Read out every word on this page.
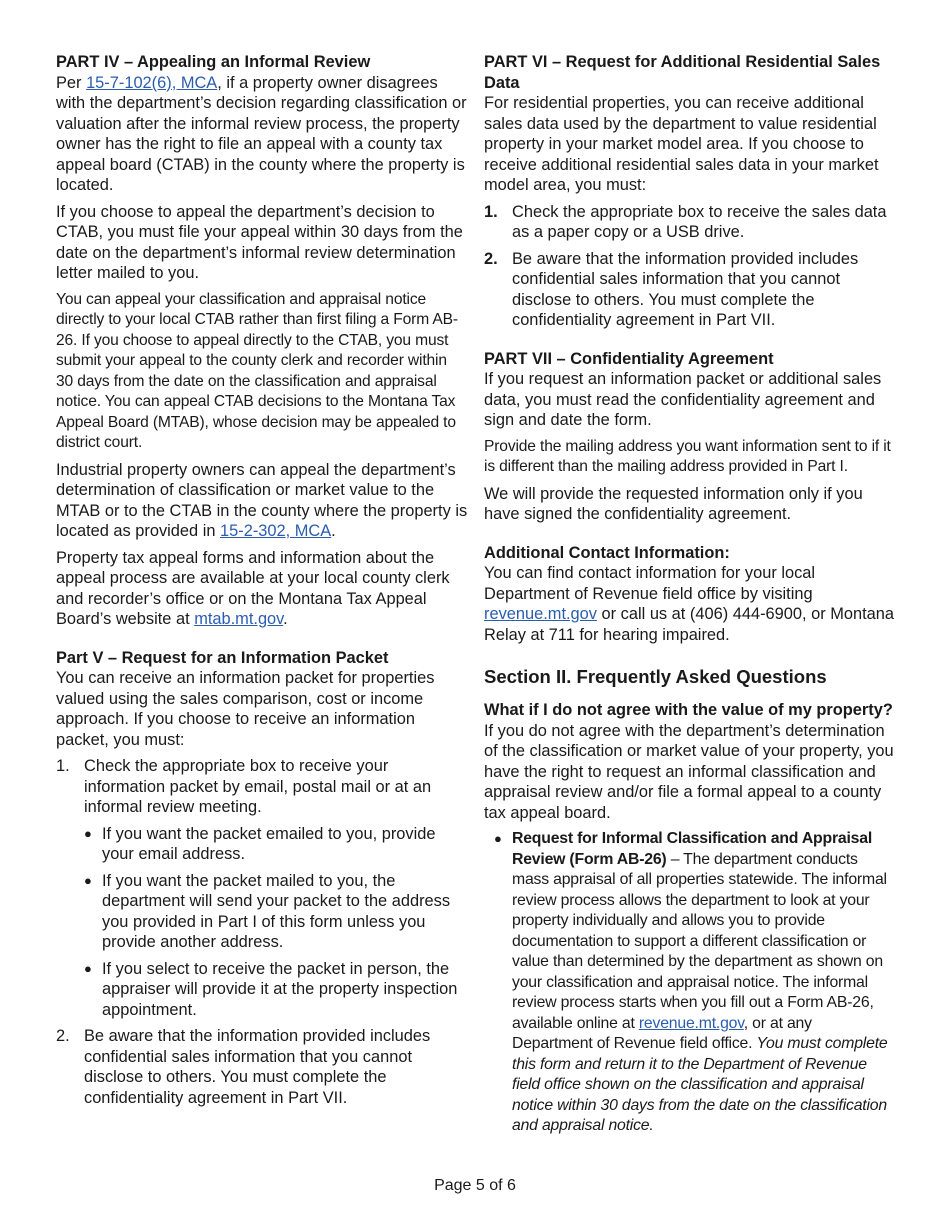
PART IV – Appealing an Informal Review

Per 15-7-102(6), MCA, if a property owner disagrees with the department’s decision regarding classification or valuation after the informal review process, the property owner has the right to file an appeal with a county tax appeal board (CTAB) in the county where the property is located.

If you choose to appeal the department’s decision to CTAB, you must file your appeal within 30 days from the date on the department’s informal review determination letter mailed to you.

You can appeal your classification and appraisal notice directly to your local CTAB rather than first filing a Form AB-26. If you choose to appeal directly to the CTAB, you must submit your appeal to the county clerk and recorder within 30 days from the date on the classification and appraisal notice. You can appeal CTAB decisions to the Montana Tax Appeal Board (MTAB), whose decision may be appealed to district court.

Industrial property owners can appeal the department’s determination of classification or market value to the MTAB or to the CTAB in the county where the property is located as provided in 15-2-302, MCA.

Property tax appeal forms and information about the appeal process are available at your local county clerk and recorder’s office or on the Montana Tax Appeal Board’s website at mtab.mt.gov.

Part V – Request for an Information Packet

You can receive an information packet for properties valued using the sales comparison, cost or income approach. If you choose to receive an information packet, you must:

1. Check the appropriate box to receive your information packet by email, postal mail or at an informal review meeting.
● If you want the packet emailed to you, provide your email address.
● If you want the packet mailed to you, the department will send your packet to the address you provided in Part I of this form unless you provide another address.
● If you select to receive the packet in person, the appraiser will provide it at the property inspection appointment.
2. Be aware that the information provided includes confidential sales information that you cannot disclose to others. You must complete the confidentiality agreement in Part VII.
PART VI – Request for Additional Residential Sales Data

For residential properties, you can receive additional sales data used by the department to value residential property in your market model area. If you choose to receive additional residential sales data in your market model area, you must:

1. Check the appropriate box to receive the sales data as a paper copy or a USB drive.
2. Be aware that the information provided includes confidential sales information that you cannot disclose to others. You must complete the confidentiality agreement in Part VII.
PART VII – Confidentiality Agreement

If you request an information packet or additional sales data, you must read the confidentiality agreement and sign and date the form.

Provide the mailing address you want information sent to if it is different than the mailing address provided in Part I.

We will provide the requested information only if you have signed the confidentiality agreement.

Additional Contact Information:

You can find contact information for your local Department of Revenue field office by visiting revenue.mt.gov or call us at (406) 444-6900, or Montana Relay at 711 for hearing impaired.

Section II. Frequently Asked Questions
What if I do not agree with the value of my property?

If you do not agree with the department’s determination of the classification or market value of your property, you have the right to request an informal classification and appraisal review and/or file a formal appeal to a county tax appeal board.

● Request for Informal Classification and Appraisal Review (Form AB-26) – The department conducts mass appraisal of all properties statewide. The informal review process allows the department to look at your property individually and allows you to provide documentation to support a different classification or value than determined by the department as shown on your classification and appraisal notice. The informal review process starts when you fill out a Form AB-26, available online at revenue.mt.gov, or at any Department of Revenue field office. You must complete this form and return it to the Department of Revenue field office shown on the classification and appraisal notice within 30 days from the date on the classification and appraisal notice.
Page 5 of 6
